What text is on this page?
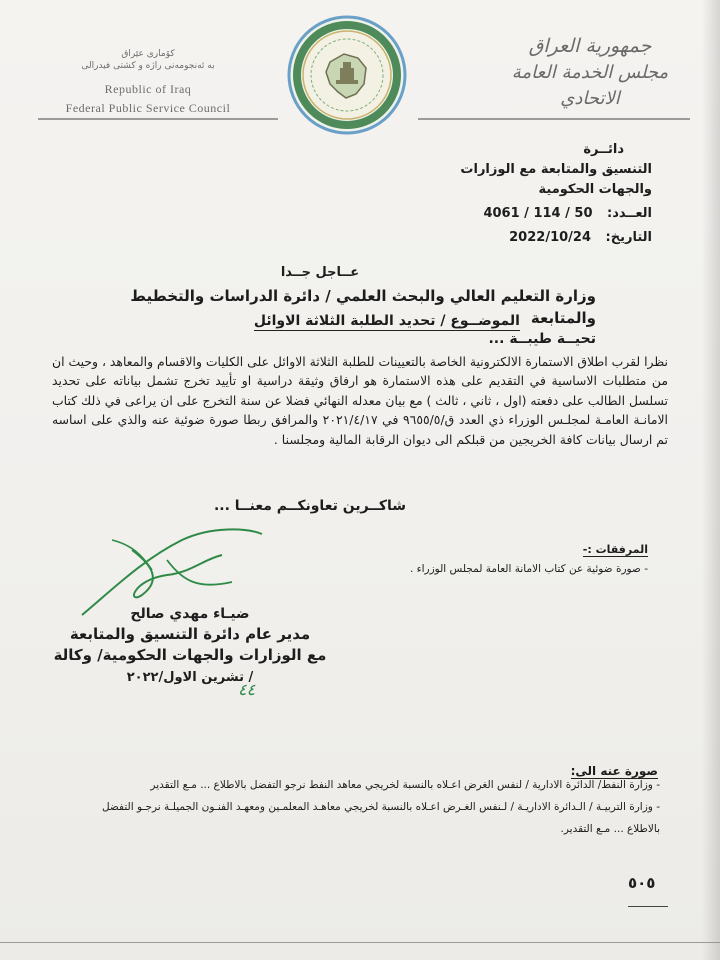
کۆماری عێراق
بە ئەنجومەنی راژە و کشتی فیدرالی
Republic of Iraq
Federal Public Service Council
جمهورية العراق
مجلس الخدمة العامة الاتحادي
دائــرة
التنسيق والمتابعة مع الوزارات
والجهات الحكومية
العــدد: 50 / 114 / 4061
التاريخ: 2022/10/24
عــاجل جــدا
وزارة التعليم العالي والبحث العلمي / دائرة الدراسات والتخطيط والمتابعة
الموضــوع / تحديد الطلبة الثلاثة الاوائل
تحيــة طيبــة ...
نظرا لقرب اطلاق الاستمارة الالكترونية الخاصة بالتعيينات للطلبة الثلاثة الاوائل على الكليات والاقسام والمعاهد ، وحيث ان من متطلبات الاساسية في التقديم على هذه الاستمارة هو ارفاق وثيقة دراسية او تأييد تخرج تشمل بياناته على تحديد تسلسل الطالب على دفعته (اول ، ثاني ، ثالث ) مع بيان معدله النهائي فضلا عن سنة التخرج على ان يراعى في ذلك كتاب الامانـة العامـة لمجلـس الوزراء ذي العدد ق/٩٦٥٥/٥ في ٢٠٢١/٤/١٧ والمرافق ربطا صورة ضوئية عنه والذي على اساسه تم ارسال بيانات كافة الخريجين من قبلكم الى ديوان الرقابة المالية ومجلسنا .
شاكــرين تعاونكــم معنــا ...
المرفقات :-
- صورة ضوئية عن كتاب الامانة العامة لمجلس الوزراء .
ضيـاء مهدي صالح
مدير عام دائرة التنسيق والمتابعة
مع الوزارات والجهات الحكومية/ وكالة
/ تشرين الاول/٢٠٢٢
٤٤
صورة عنه الى:
- وزارة النفط/ الدائرة الادارية / لنفس الغرض اعـلاه بالنسبة لخريجي معاهد النفط نرجو التفضل بالاطلاع ... مـع التقدير
- وزارة التربيـة / الـدائرة الاداريـة / لـنفس الغـرض اعـلاه بالنسبة لخريجي معاهـد المعلمـين ومعهـد الفنـون الجميلـة نرجـو التفضل بالاطلاع ... مـع التقدير.
٥٠٥
